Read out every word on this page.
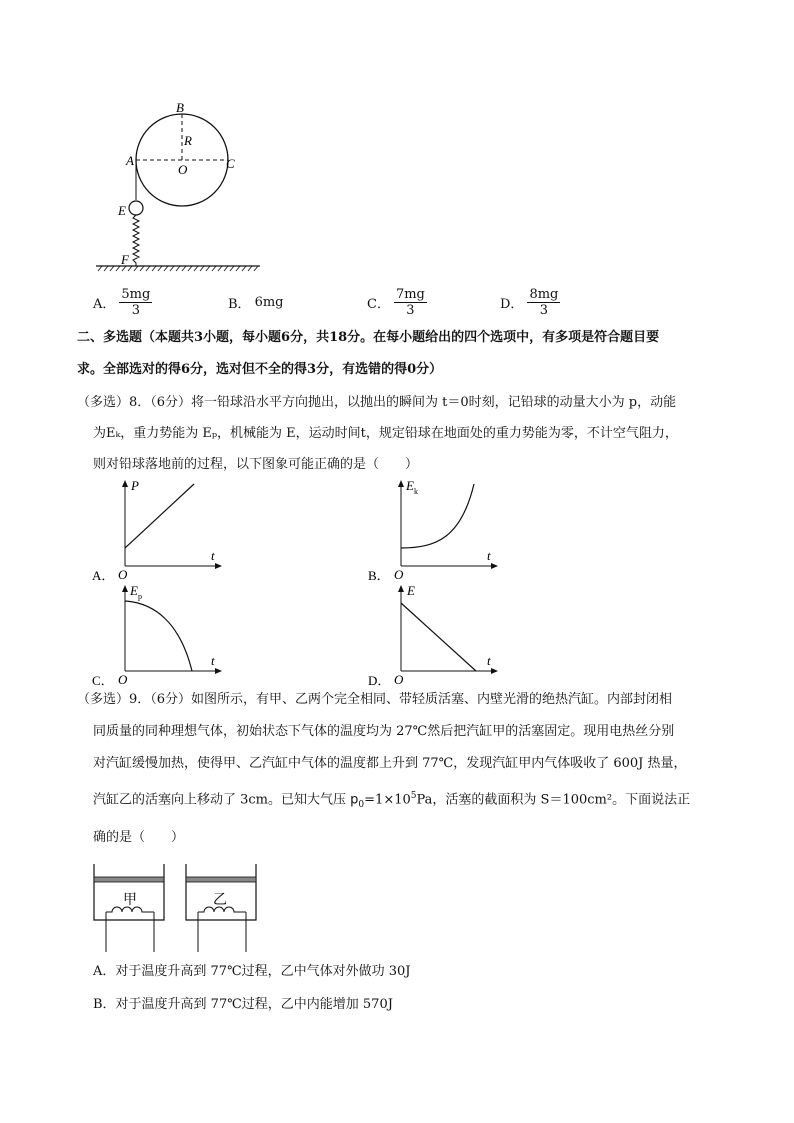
B
R
A
O	C
E
F
A． $\frac{5mg}{3}$	B． 6mg	C． $\frac{7mg}{3}$	D． $\frac{8mg}{3}$
二、多选题（本题共3小题，每小题6分，共18分。在每小题给出的四个选项中，有多项是符合题目要
求。全部选对的得6分，选对但不全的得3分，有选错的得0分）
（多选）8．（6分）将一铅球沿水平方向抛出，以抛出的瞬间为 t＝0时刻，记铅球的动量大小为 p，动能
为Eₖ，重力势能为 Eₚ，机械能为 E，运动时间t，规定铅球在地面处的重力势能为零，不计空气阻力，
则对铅球落地前的过程，以下图象可能正确的是（　　）
A． O
P
t
B． O
$E_k$
t
C． O
$E_p$
t
D． O
E
t
（多选）9．（6分）如图所示，有甲、乙两个完全相同、带轻质活塞、内壁光滑的绝热汽缸。内部封闭相
同质量的同种理想气体，初始状态下气体的温度均为 27℃然后把汽缸甲的活塞固定。现用电热丝分别
对汽缸缓慢加热，使得甲、乙汽缸中气体的温度都上升到 77℃，发现汽缸甲内气体吸收了 600J 热量，
汽缸乙的活塞向上移动了 3cm。已知大气压 $p_0=1\times 10^5Pa$，活塞的截面积为 S＝100cm²。下面说法正
确的是（　　）
甲	乙
A．对于温度升高到 77℃过程，乙中气体对外做功 30J
B．对于温度升高到 77℃过程，乙中内能增加 570J
